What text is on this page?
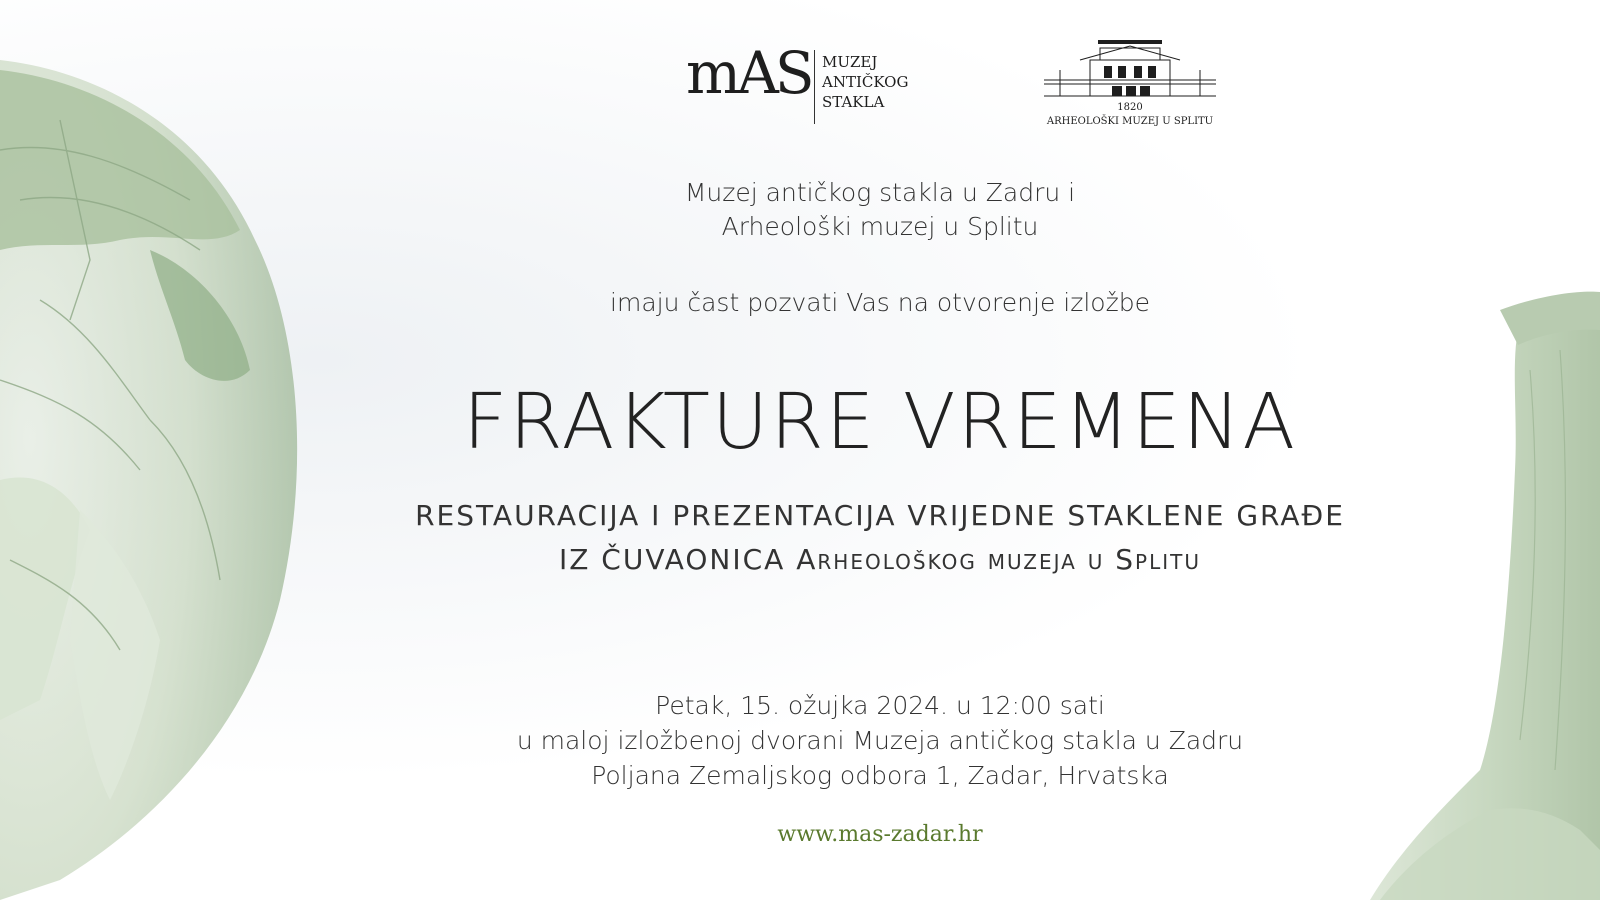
mAS MUZEJ
ANTIČKOG
STAKLA	1820
ARHEOLOŠKI MUZEJ U SPLITU
Muzej antičkog stakla u Zadru i
Arheološki muzej u Splitu
imaju čast pozvati Vas na otvorenje izložbe
FRAKTURE VREMENA
RESTAURACIJA I PREZENTACIJA VRIJEDNE STAKLENE GRAĐE
IZ ČUVAONICA Arheološkog muzeja u Splitu
Petak, 15. ožujka 2024. u 12:00 sati
u maloj izložbenoj dvorani Muzeja antičkog stakla u Zadru
Poljana Zemaljskog odbora 1, Zadar, Hrvatska
www.mas-zadar.hr
